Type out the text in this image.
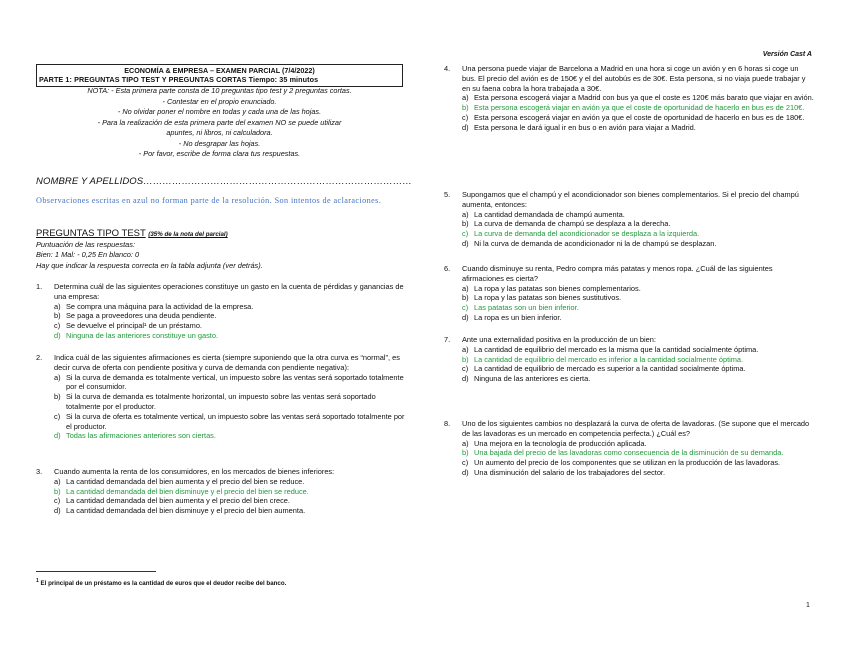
Versión Cast A
ECONOMÍA & EMPRESA – EXAMEN PARCIAL (7/4/2022)
PARTE 1: PREGUNTAS TIPO TEST Y PREGUNTAS CORTAS Tiempo: 35 minutos
NOTA: - Esta primera parte consta de 10 preguntas tipo test y 2 preguntas cortas.
- Contestar en el propio enunciado.
- No olvidar poner el nombre en todas y cada una de las hojas.
- Para la realización de esta primera parte del examen NO se puede utilizar
apuntes, ni libros, ni calculadora.
- No desgrapar las hojas.
- Por favor, escribe de forma clara tus respuestas.
NOMBRE Y APELLIDOS…………………………………………………………………………
Observaciones escritas en azul no forman parte de la resolución. Son intentos de aclaraciones.
PREGUNTAS TIPO TEST (35% de la nota del parcial)
Puntuación de las respuestas:
Bien: 1 Mal: - 0,25 En blanco: 0
Hay que indicar la respuesta correcta en la tabla adjunta (ver detrás).
1. Determina cuál de las siguientes operaciones constituye un gasto en la cuenta de pérdidas y ganancias de una empresa:
a) Se compra una máquina para la actividad de la empresa.
b) Se paga a proveedores una deuda pendiente.
c) Se devuelve el principal¹ de un préstamo.
d) Ninguna de las anteriores constituye un gasto.
2. Indica cuál de las siguientes afirmaciones es cierta (siempre suponiendo que la otra curva es “normal”, es decir curva de oferta con pendiente positiva y curva de demanda con pendiente negativa):
a) Si la curva de demanda es totalmente vertical, un impuesto sobre las ventas será soportado totalmente por el consumidor.
b) Si la curva de demanda es totalmente horizontal, un impuesto sobre las ventas será soportado totalmente por el productor.
c) Si la curva de oferta es totalmente vertical, un impuesto sobre las ventas será soportado totalmente por el productor.
d) Todas las afirmaciones anteriores son ciertas.
3. Cuando aumenta la renta de los consumidores, en los mercados de bienes inferiores:
a) La cantidad demandada del bien aumenta y el precio del bien se reduce.
b) La cantidad demandada del bien disminuye y el precio del bien se reduce.
c) La cantidad demandada del bien aumenta y el precio del bien crece.
d) La cantidad demandada del bien disminuye y el precio del bien aumenta.
4. Una persona puede viajar de Barcelona a Madrid en una hora si coge un avión y en 6 horas si coge un bus. El precio del avión es de 150€ y el del autobús es de 30€. Esta persona, si no viaja puede trabajar y en su faena cobra la hora trabajada a 30€.
a) Esta persona escogerá viajar a Madrid con bus ya que el coste es 120€ más barato que viajar en avión.
b) Esta persona escogerá viajar en avión ya que el coste de oportunidad de hacerlo en bus es de 210€.
c) Esta persona escogerá viajar en avión ya que el coste de oportunidad de hacerlo en bus es de 180€.
d) Esta persona le dará igual ir en bus o en avión para viajar a Madrid.
5. Supongamos que el champú y el acondicionador son bienes complementarios. Si el precio del champú aumenta, entonces:
a) La cantidad demandada de champú aumenta.
b) La curva de demanda de champú se desplaza a la derecha.
c) La curva de demanda del acondicionador se desplaza a la izquierda.
d) Ni la curva de demanda de acondicionador ni la de champú se desplazan.
6. Cuando disminuye su renta, Pedro compra más patatas y menos ropa. ¿Cuál de las siguientes afirmaciones es cierta?
a) La ropa y las patatas son bienes complementarios.
b) La ropa y las patatas son bienes sustitutivos.
c) Las patatas son un bien inferior.
d) La ropa es un bien inferior.
7. Ante una externalidad positiva en la producción de un bien:
a) La cantidad de equilibrio del mercado es la misma que la cantidad socialmente óptima.
b) La cantidad de equilibrio del mercado es inferior a la cantidad socialmente óptima.
c) La cantidad de equilibrio de mercado es superior a la cantidad socialmente óptima.
d) Ninguna de las anteriores es cierta.
8. Uno de los siguientes cambios no desplazará la curva de oferta de lavadoras. (Se supone que el mercado de las lavadoras es un mercado en competencia perfecta.) ¿Cuál es?
a) Una mejora en la tecnología de producción aplicada.
b) Una bajada del precio de las lavadoras como consecuencia de la disminución de su demanda.
c) Un aumento del precio de los componentes que se utilizan en la producción de las lavadoras.
d) Una disminución del salario de los trabajadores del sector.
$^1$ El principal de un préstamo es la cantidad de euros que el deudor recibe del banco.
1
